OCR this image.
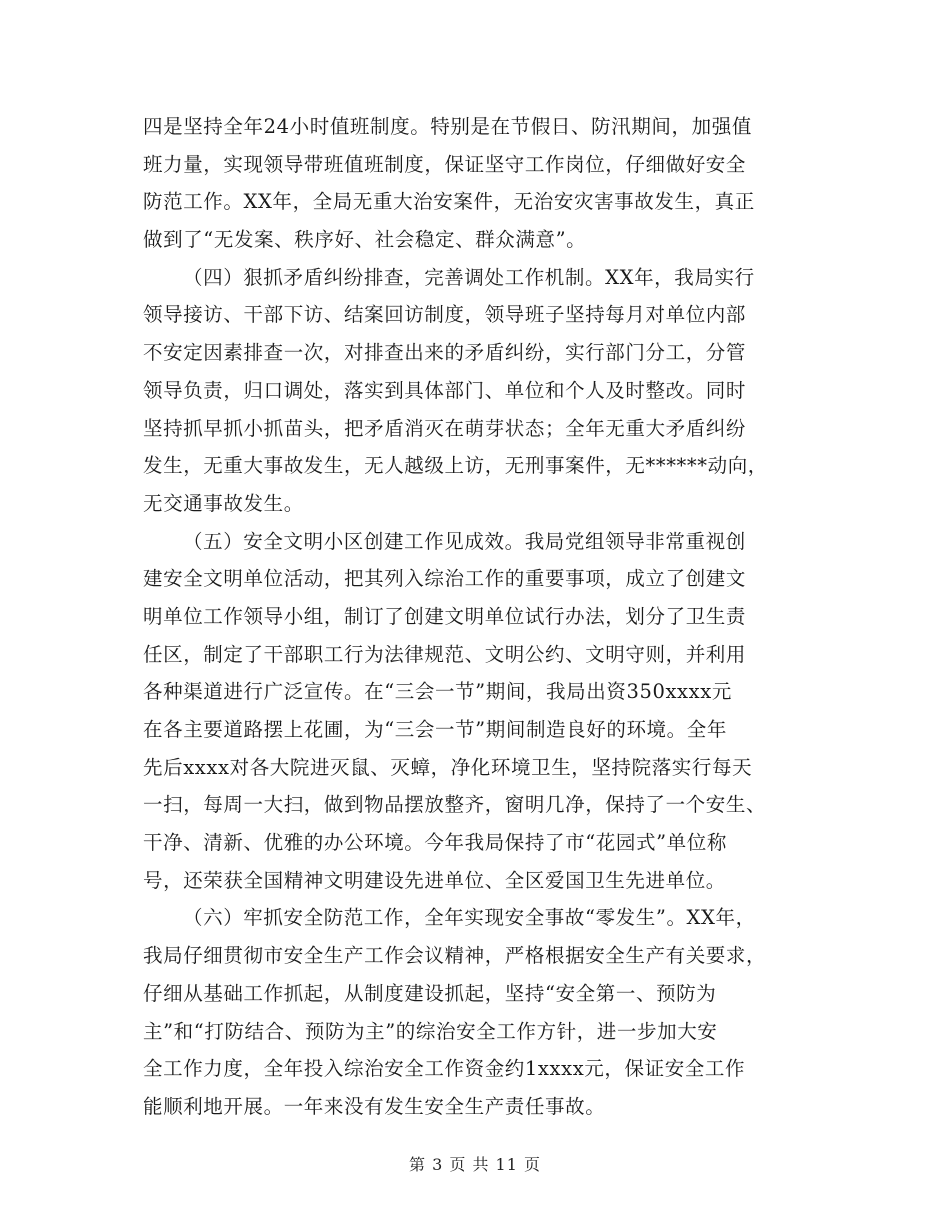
四是坚持全年24小时值班制度。特别是在节假日、防汛期间，加强值
班力量，实现领导带班值班制度，保证坚守工作岗位，仔细做好安全
防范工作。XX年，全局无重大治安案件，无治安灾害事故发生，真正
做到了“无发案、秩序好、社会稳定、群众满意”。
（四）狠抓矛盾纠纷排查，完善调处工作机制。XX年，我局实行
领导接访、干部下访、结案回访制度，领导班子坚持每月对单位内部
不安定因素排查一次，对排查出来的矛盾纠纷，实行部门分工，分管
领导负责，归口调处，落实到具体部门、单位和个人及时整改。同时
坚持抓早抓小抓苗头，把矛盾消灭在萌芽状态；全年无重大矛盾纠纷
发生，无重大事故发生，无人越级上访，无刑事案件，无******动向，
无交通事故发生。
（五）安全文明小区创建工作见成效。我局党组领导非常重视创
建安全文明单位活动，把其列入综治工作的重要事项，成立了创建文
明单位工作领导小组，制订了创建文明单位试行办法，划分了卫生责
任区，制定了干部职工行为法律规范、文明公约、文明守则，并利用
各种渠道进行广泛宣传。在“三会一节”期间，我局出资350xxxx元
在各主要道路摆上花圃，为“三会一节”期间制造良好的环境。全年
先后xxxx对各大院进灭鼠、灭蟑，净化环境卫生，坚持院落实行每天
一扫，每周一大扫，做到物品摆放整齐，窗明几净，保持了一个安生、
干净、清新、优雅的办公环境。今年我局保持了市“花园式”单位称
号，还荣获全国精神文明建设先进单位、全区爱国卫生先进单位。
（六）牢抓安全防范工作，全年实现安全事故“零发生”。XX年，
我局仔细贯彻市安全生产工作会议精神，严格根据安全生产有关要求，
仔细从基础工作抓起，从制度建设抓起，坚持“安全第一、预防为
主”和“打防结合、预防为主”的综治安全工作方针，进一步加大安
全工作力度，全年投入综治安全工作资金约1xxxx元，保证安全工作
能顺利地开展。一年来没有发生安全生产责任事故。
第 3 页 共 11 页
